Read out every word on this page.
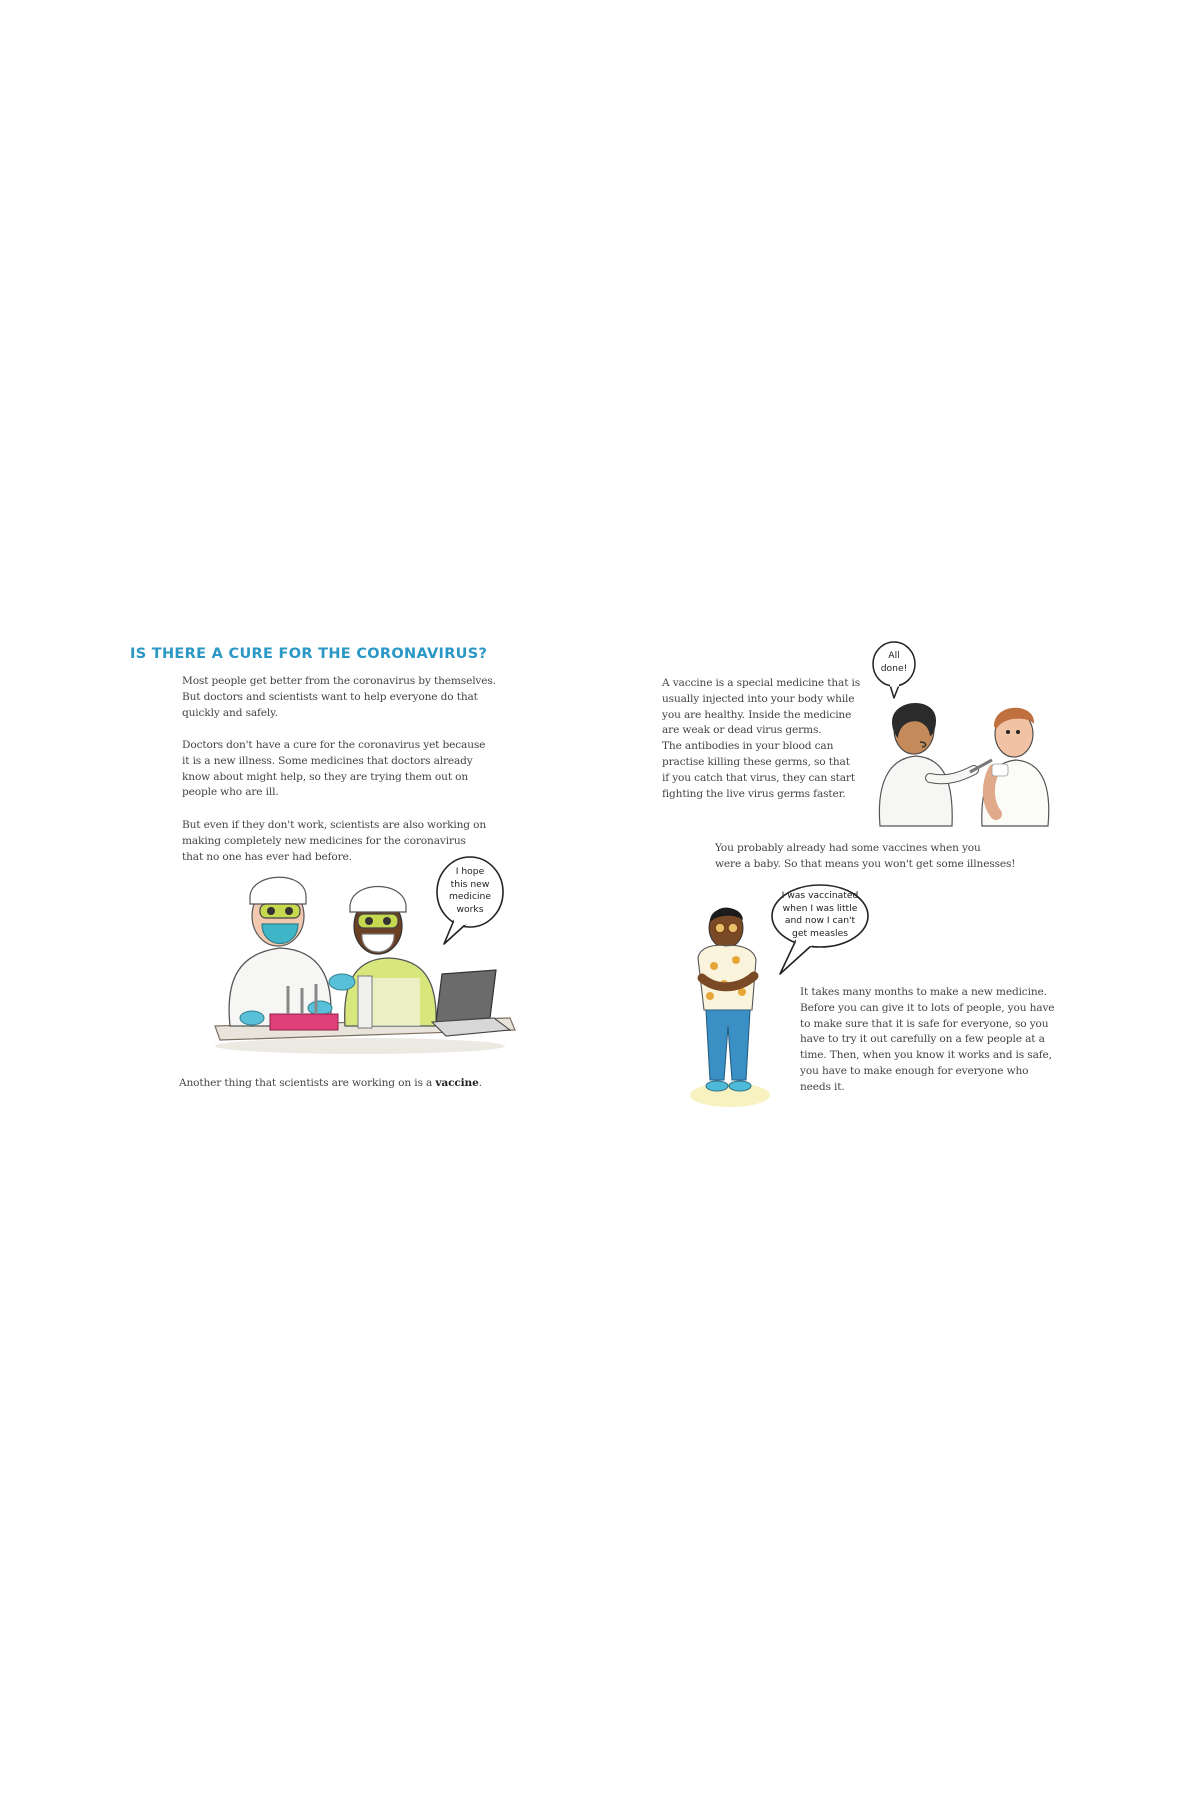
IS THERE A CURE FOR THE CORONAVIRUS?
Most people get better from the coronavirus by themselves.
But doctors and scientists want to help everyone do that
quickly and safely.
Doctors don't have a cure for the coronavirus yet because
it is a new illness. Some medicines that doctors already
know about might help, so they are trying them out on
people who are ill.
But even if they don't work, scientists are also working on
making completely new medicines for the coronavirus
that no one has ever had before.
I hope
this new
medicine
works
Another thing that scientists are working on is a vaccine.
A vaccine is a special medicine that is
usually injected into your body while
you are healthy. Inside the medicine
are weak or dead virus germs.
The antibodies in your blood can
practise killing these germs, so that
if you catch that virus, they can start
fighting the live virus germs faster.
All
done!
You probably already had some vaccines when you
were a baby. So that means you won't get some illnesses!
I was vaccinated
when I was little
and now I can't
get measles
It takes many months to make a new medicine.
Before you can give it to lots of people, you have
to make sure that it is safe for everyone, so you
have to try it out carefully on a few people at a
time. Then, when you know it works and is safe,
you have to make enough for everyone who
needs it.
